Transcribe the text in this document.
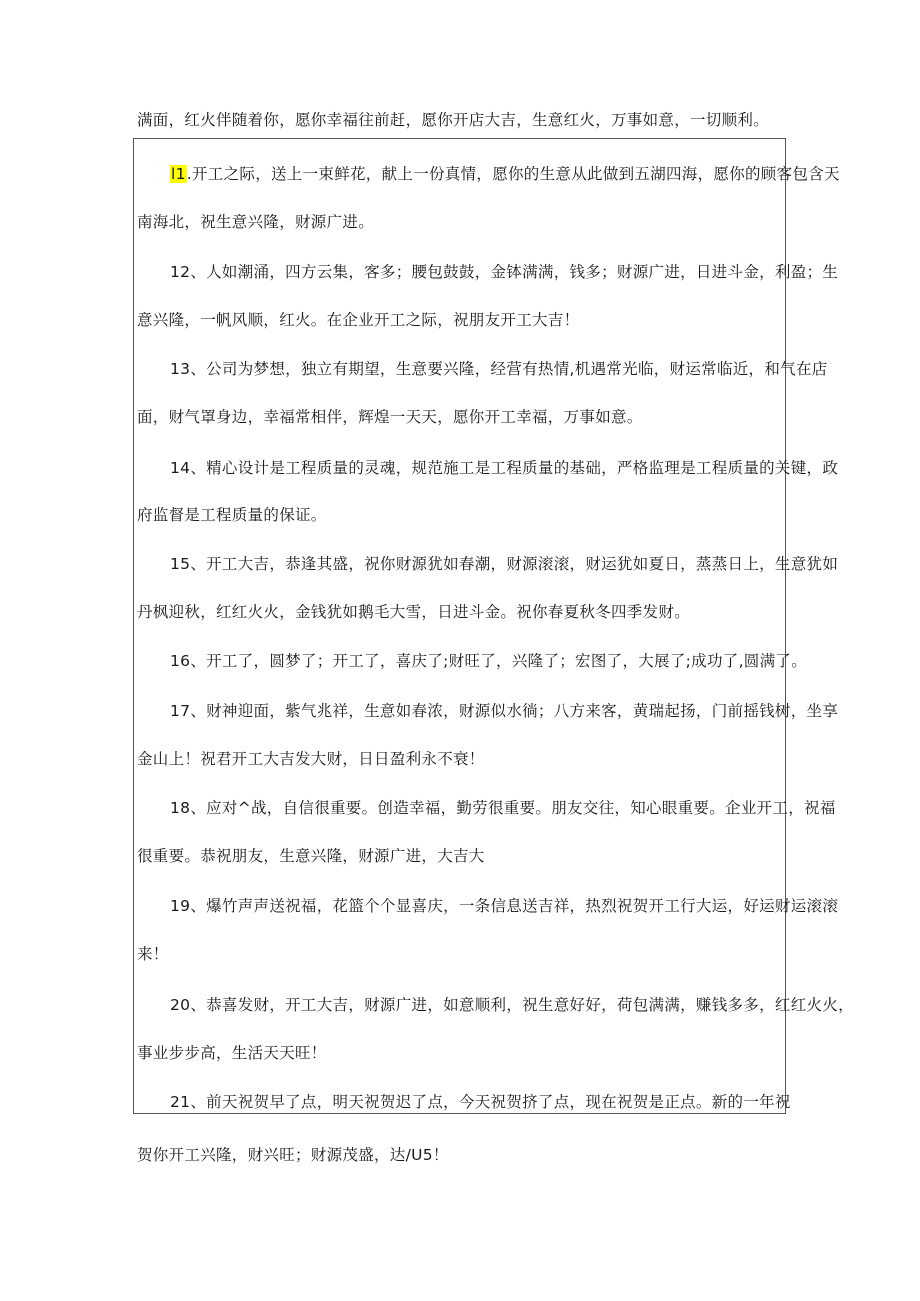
满面，红火伴随着你，愿你幸福往前赶，愿你开店大吉，生意红火，万事如意，一切顺利。
l1.开工之际，送上一束鲜花，献上一份真情，愿你的生意从此做到五湖四海，愿你的顾客包含天
南海北，祝生意兴隆，财源广进。
12、人如潮涌，四方云集，客多；腰包鼓鼓，金钵满满，钱多；财源广进，日进斗金，利盈；生
意兴隆，一帆风顺，红火。在企业开工之际，祝朋友开工大吉！
13、公司为梦想，独立有期望，生意要兴隆，经营有热情,机遇常光临，财运常临近，和气在店
面，财气罩身边，幸福常相伴，辉煌一天天，愿你开工幸福，万事如意。
14、精心设计是工程质量的灵魂，规范施工是工程质量的基础，严格监理是工程质量的关键，政
府监督是工程质量的保证。
15、开工大吉，恭逢其盛，祝你财源犹如春潮，财源滚滚，财运犹如夏日，蒸蒸日上，生意犹如
丹枫迎秋，红红火火，金钱犹如鹅毛大雪，日进斗金。祝你春夏秋冬四季发财。
16、开工了，圆梦了；开工了，喜庆了;财旺了，兴隆了；宏图了，大展了;成功了,圆满了。
17、财神迎面，紫气兆祥，生意如春浓，财源似水徜；八方来客，黄瑞起扬，门前摇钱树，坐享
金山上！祝君开工大吉发大财，日日盈利永不衰！
18、应对^战，自信很重要。创造幸福，勤劳很重要。朋友交往，知心眼重要。企业开工，祝福
很重要。恭祝朋友，生意兴隆，财源广进，大吉大
19、爆竹声声送祝福，花篮个个显喜庆，一条信息送吉祥，热烈祝贺开工行大运，好运财运滚滚
来！
20、恭喜发财，开工大吉，财源广进，如意顺利，祝生意好好，荷包满满，赚钱多多，红红火火，
事业步步高，生活天天旺！
21、前天祝贺早了点，明天祝贺迟了点，今天祝贺挤了点，现在祝贺是正点。新的一年祝
贺你开工兴隆，财兴旺；财源茂盛，达/U5！
